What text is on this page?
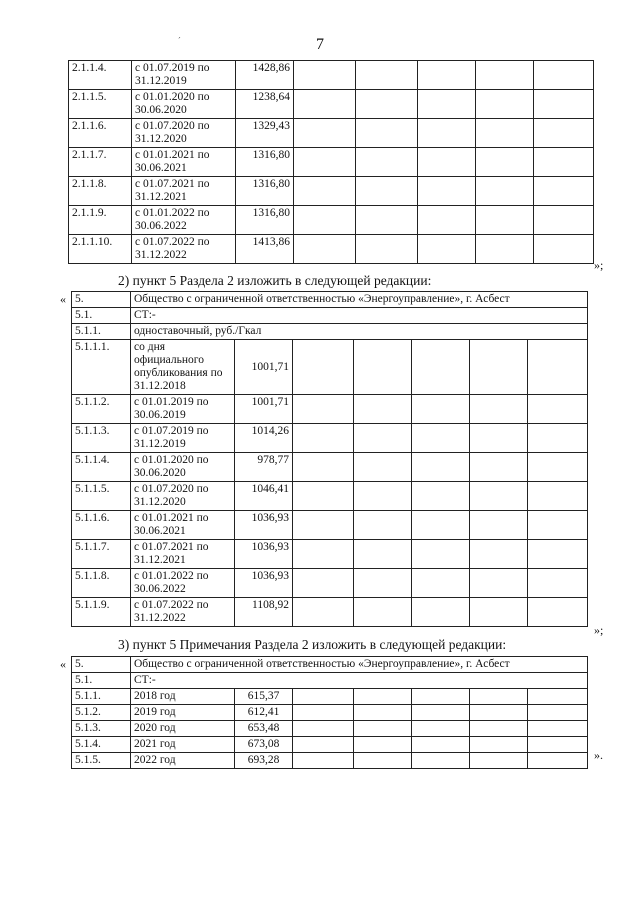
´	7
2.1.1.4.	с 01.07.2019 по 31.12.2019	1428,86					
2.1.1.5.	с 01.01.2020 по 30.06.2020	1238,64					
2.1.1.6.	с 01.07.2020 по 31.12.2020	1329,43					
2.1.1.7.	с 01.01.2021 по 30.06.2021	1316,80					
2.1.1.8.	с 01.07.2021 по 31.12.2021	1316,80					
2.1.1.9.	с 01.01.2022 по 30.06.2022	1316,80					
2.1.1.10.	с 01.07.2022 по 31.12.2022	1413,86					
»;
2) пункт 5 Раздела 2 изложить в следующей редакции:
« 5.	Общество с ограниченной ответственностью «Энергоуправление», г. Асбест						
5.1.	СТ:-						
5.1.1.	одноставочный, руб./Гкал						
5.1.1.1.	со дня официального опубликования по 31.12.2018	1001,71					
5.1.1.2.	с 01.01.2019 по 30.06.2019	1001,71					
5.1.1.3.	с 01.07.2019 по 31.12.2019	1014,26					
5.1.1.4.	с 01.01.2020 по 30.06.2020	978,77					
5.1.1.5.	с 01.07.2020 по 31.12.2020	1046,41					
5.1.1.6.	с 01.01.2021 по 30.06.2021	1036,93					
5.1.1.7.	с 01.07.2021 по 31.12.2021	1036,93					
5.1.1.8.	с 01.01.2022 по 30.06.2022	1036,93					
5.1.1.9.	с 01.07.2022 по 31.12.2022	1108,92					
»;
3) пункт 5 Примечания Раздела 2 изложить в следующей редакции:
« 5.	Общество с ограниченной ответственностью «Энергоуправление», г. Асбест						
5.1.	СТ:-						
5.1.1.	2018 год	615,37					
5.1.2.	2019 год	612,41					
5.1.3.	2020 год	653,48					
5.1.4.	2021 год	673,08					
5.1.5.	2022 год	693,28						».
